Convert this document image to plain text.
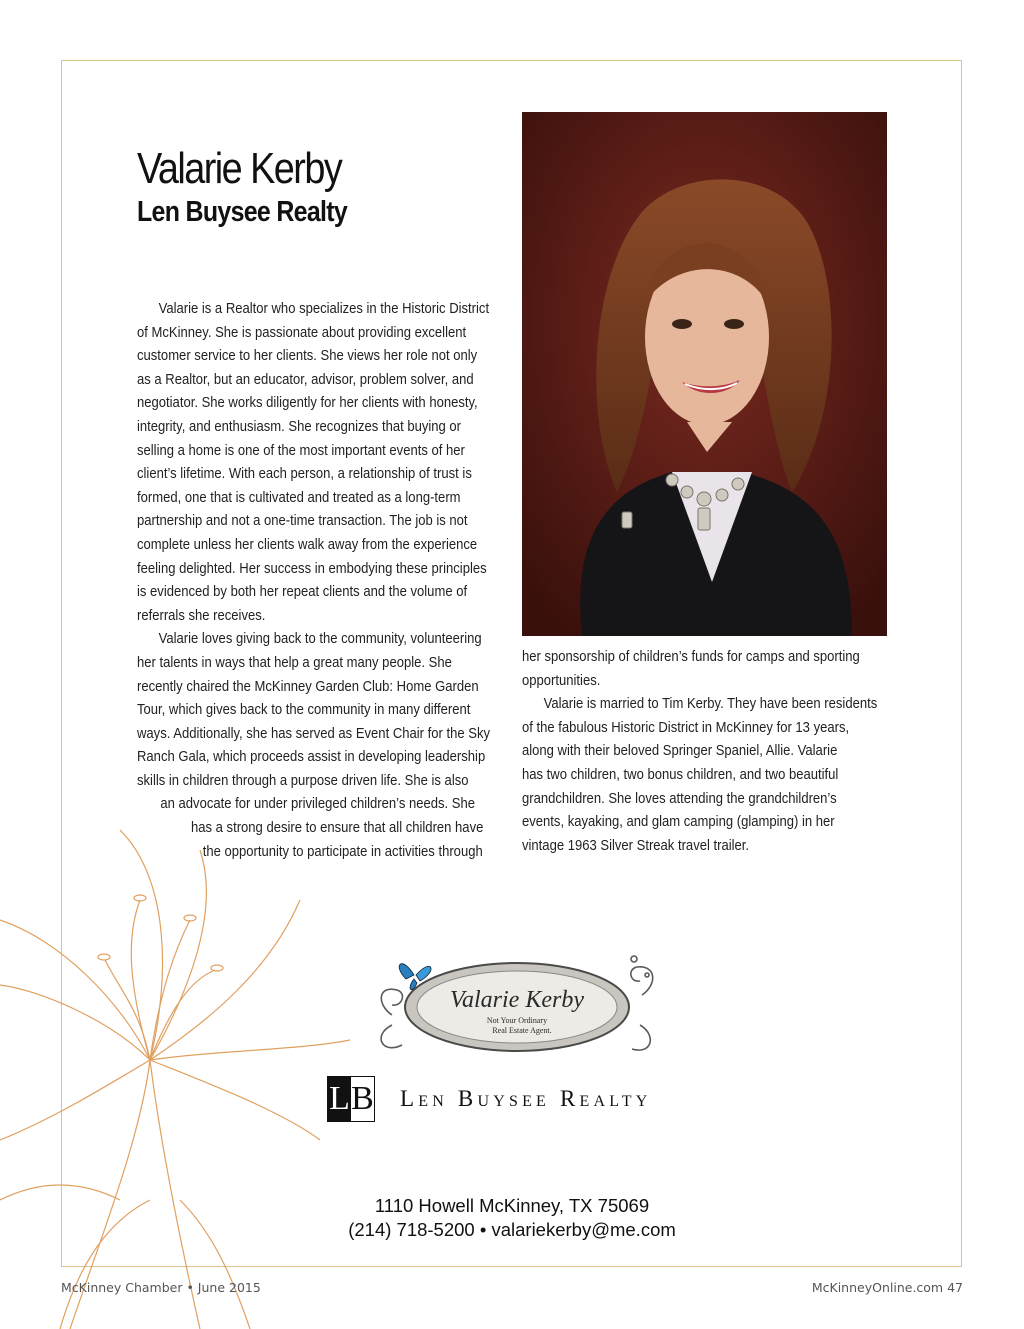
Valarie Kerby
Len Buysee Realty

Valarie is a Realtor who specializes in the Historic District

of McKinney. She is passionate about providing excellent
customer service to her clients. She views her role not only
as a Realtor, but an educator, advisor, problem solver, and
negotiator. She works diligently for her clients with honesty,
integrity, and enthusiasm. She recognizes that buying or
selling a home is one of the most important events of her
client’s lifetime. With each person, a relationship of trust is
formed, one that is cultivated and treated as a long-term
partnership and not a one-time transaction. The job is not
complete unless her clients walk away from the experience
feeling delighted. Her success in embodying these principles
is evidenced by both her repeat clients and the volume of
referrals she receives.

Valarie loves giving back to the community, volunteering

her talents in ways that help a great many people. She
recently chaired the McKinney Garden Club: Home Garden
Tour, which gives back to the community in many different
ways. Additionally, she has served as Event Chair for the Sky
Ranch Gala, which proceeds assist in developing leadership
skills in children through a purpose driven life. She is also
an advocate for under privileged children’s needs. She
has a strong desire to ensure that all children have
the opportunity to participate in activities through
her sponsorship of children’s funds for camps and sporting
opportunities.

Valarie is married to Tim Kerby. They have been residents

of the fabulous Historic District in McKinney for 13 years,
along with their beloved Springer Spaniel, Allie. Valarie
has two children, two bonus children, and two beautiful
grandchildren. She loves attending the grandchildren’s
events, kayaking, and glam camping (glamping) in her
vintage 1963 Silver Streak travel trailer.
Valarie Kerby
Not Your Ordinary
Real Estate Agent.
L B Len Buysee Realty
1110 Howell McKinney, TX 75069
(214) 718-5200 • valariekerby@me.com
McKinney Chamber • June 2015	McKinneyOnline.com 47
